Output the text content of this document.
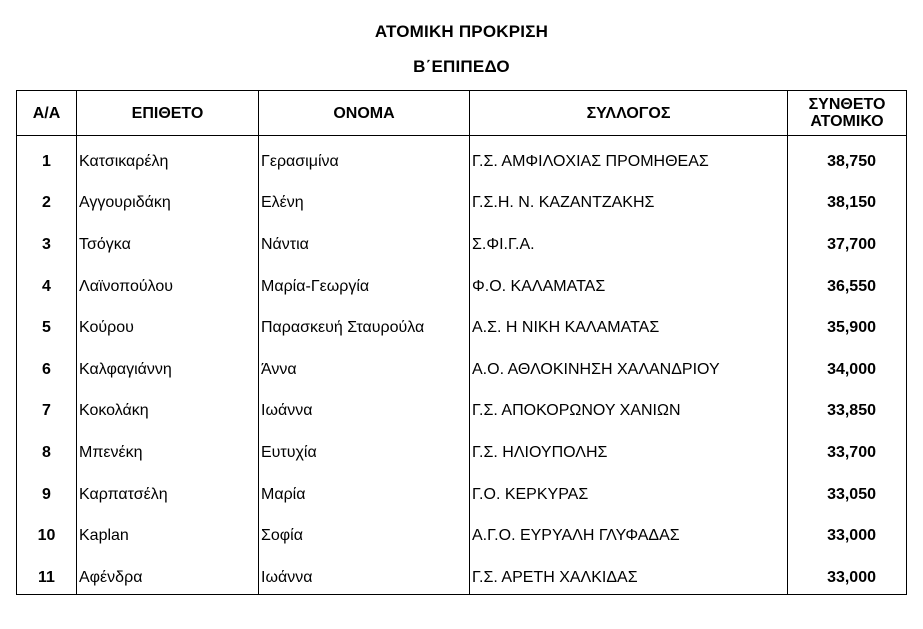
ΑΤΟΜΙΚΗ ΠΡΟΚΡΙΣΗ
Β΄ΕΠΙΠΕΔΟ
Α/Α	ΕΠΙΘΕΤΟ	ΟΝΟΜΑ	ΣΥΛΛΟΓΟΣ	ΣΥΝΘΕΤΟ
ΑΤΟΜΙΚΟ
1	Κατσικαρέλη	Γερασιμίνα	Γ.Σ. ΑΜΦΙΛΟΧΙΑΣ ΠΡΟΜΗΘΕΑΣ	38,750
2	Αγγουριδάκη	Ελένη	Γ.Σ.Η. Ν. ΚΑΖΑΝΤΖΑΚΗΣ	38,150
3	Τσόγκα	Νάντια	Σ.ΦΙ.Γ.Α.	37,700
4	Λαϊνοπούλου	Μαρία-Γεωργία	Φ.Ο. ΚΑΛΑΜΑΤΑΣ	36,550
5	Κούρου	Παρασκευή Σταυρούλα	Α.Σ. Η ΝΙΚΗ ΚΑΛΑΜΑΤΑΣ	35,900
6	Καλφαγιάννη	Άννα	Α.Ο. ΑΘΛΟΚΙΝΗΣΗ ΧΑΛΑΝΔΡΙΟΥ	34,000
7	Κοκολάκη	Ιωάννα	Γ.Σ. ΑΠΟΚΟΡΩΝΟΥ ΧΑΝΙΩΝ	33,850
8	Μπενέκη	Ευτυχία	Γ.Σ. ΗΛΙΟΥΠΟΛΗΣ	33,700
9	Καρπατσέλη	Μαρία	Γ.Ο. ΚΕΡΚΥΡΑΣ	33,050
10	Kaplan	Σοφία	Α.Γ.Ο. ΕΥΡΥΑΛΗ ΓΛΥΦΑΔΑΣ	33,000
11	Αφένδρα	Ιωάννα	Γ.Σ. ΑΡΕΤΗ ΧΑΛΚΙΔΑΣ	33,000
